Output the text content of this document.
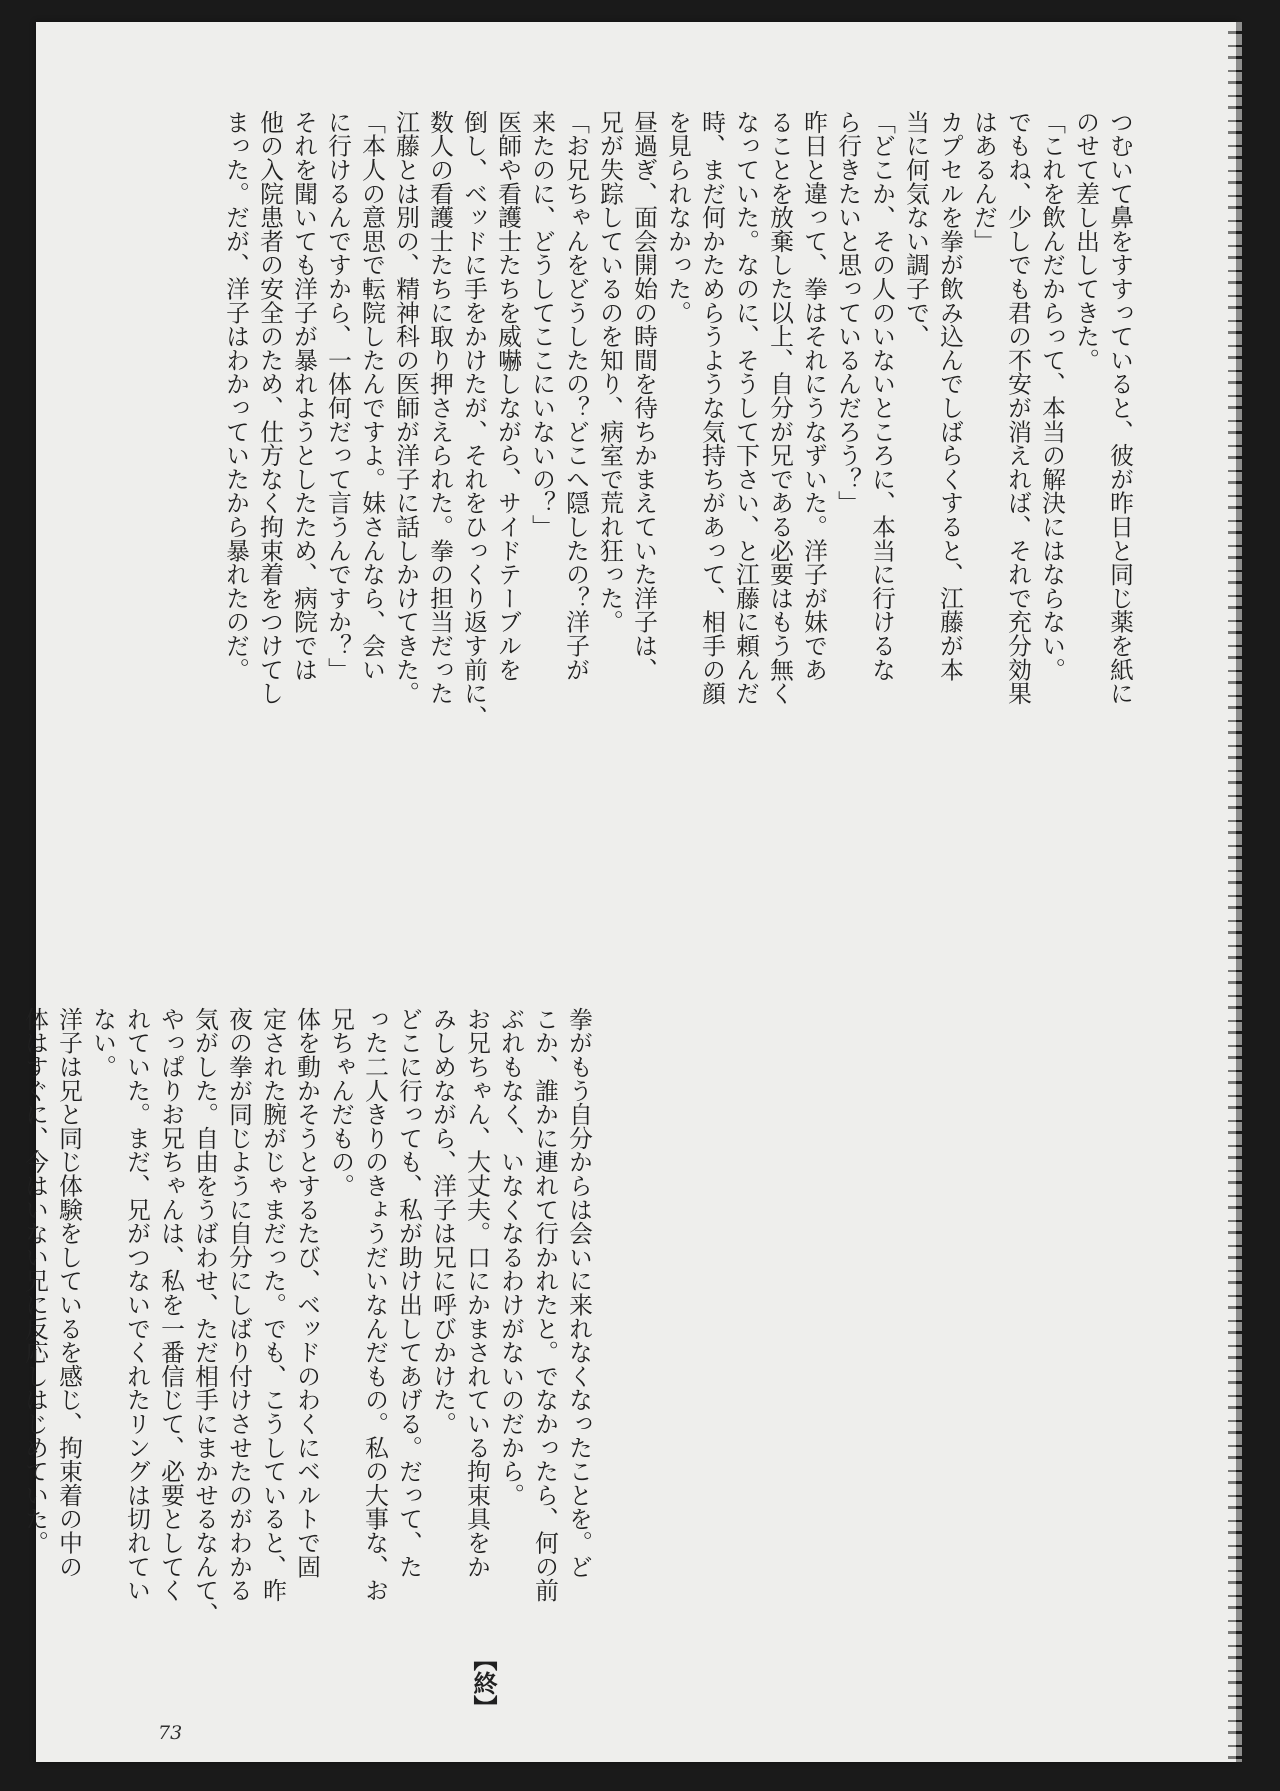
つむいて鼻をすすっていると、彼が昨日と同じ薬を紙に

のせて差し出してきた。

「これを飲んだからって、本当の解決にはならない。

でもね、少しでも君の不安が消えれば、それで充分効果

はあるんだ」

カプセルを拳が飲み込んでしばらくすると、江藤が本

当に何気ない調子で、

「どこか、その人のいないところに、本当に行けるな

ら行きたいと思っているんだろう？」

昨日と違って、拳はそれにうなずいた。洋子が妹であ

ることを放棄した以上、自分が兄である必要はもう無く

なっていた。なのに、そうして下さい、と江藤に頼んだ

時、まだ何かためらうような気持ちがあって、相手の顔

を見られなかった。

昼過ぎ、面会開始の時間を待ちかまえていた洋子は、

兄が失踪しているのを知り、病室で荒れ狂った。

「お兄ちゃんをどうしたの？どこへ隠したの？洋子が

来たのに、どうしてここにいないの？」

医師や看護士たちを威嚇しながら、サイドテーブルを

倒し、ベッドに手をかけたが、それをひっくり返す前に、

数人の看護士たちに取り押さえられた。拳の担当だった

江藤とは別の、精神科の医師が洋子に話しかけてきた。

「本人の意思で転院したんですよ。妹さんなら、会い

に行けるんですから、一体何だって言うんですか？」

それを聞いても洋子が暴れようとしたため、病院では

他の入院患者の安全のため、仕方なく拘束着をつけてし

まった。だが、洋子はわかっていたから暴れたのだ。

拳がもう自分からは会いに来れなくなったことを。ど

こか、誰かに連れて行かれたと。でなかったら、何の前

ぶれもなく、いなくなるわけがないのだから。

お兄ちゃん、大丈夫。口にかまされている拘束具をか

みしめながら、洋子は兄に呼びかけた。

どこに行っても、私が助け出してあげる。だって、た

った二人きりのきょうだいなんだもの。私の大事な、お

兄ちゃんだもの。

体を動かそうとするたび、ベッドのわくにベルトで固

定された腕がじゃまだった。でも、こうしていると、昨

夜の拳が同じように自分にしばり付けさせたのがわかる

気がした。自由をうばわせ、ただ相手にまかせるなんて、

やっぱりお兄ちゃんは、私を一番信じて、必要としてく

れていた。まだ、兄がつないでくれたリングは切れてい

ない。

洋子は兄と同じ体験をしているを感じ、拘束着の中の

体はすぐに、今はいない兄に反応しはじめていた。

【終】
73
